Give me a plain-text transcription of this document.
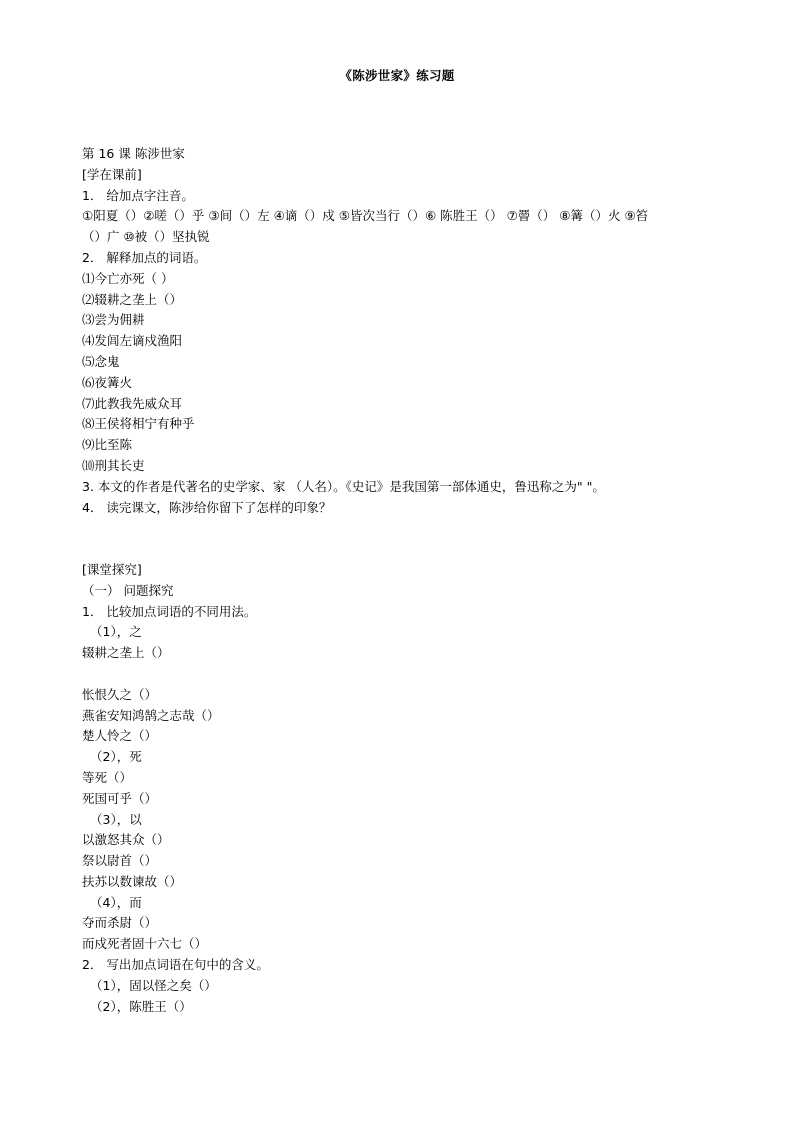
《陈涉世家》练习题
第 16 课 陈涉世家
[学在课前]
1． 给加点字注音。
①阳夏（）②嗟（）乎 ③间（）左 ④谪（）戍 ⑤皆次当行（）⑥ 陈胜王（） ⑦罾（） ⑧篝（）火 ⑨笞
（）广 ⑩被（）坚执锐
2． 解释加点的词语。
⑴今亡亦死（ ）
⑵辍耕之垄上（）
⑶尝为佣耕
⑷发闾左谪戍渔阳
⑸念鬼
⑹夜篝火
⑺此教我先威众耳
⑻王侯将相宁有种乎
⑼比至陈
⑽刑其长吏
3. 本文的作者是代著名的史学家、家 （人名）。《史记》是我国第一部体通史，鲁迅称之为" "。
4． 读完课文，陈涉给你留下了怎样的印象？
[课堂探究]
（一） 问题探究
1． 比较加点词语的不同用法。
（1），之
辍耕之垄上（）
怅恨久之（）
燕雀安知鸿鹄之志哉（）
楚人怜之（）
（2），死
等死（）
死国可乎（）
（3），以
以激怒其众（）
祭以尉首（）
扶苏以数谏故（）
（4），而
夺而杀尉（）
而戍死者固十六七（）
2． 写出加点词语在句中的含义。
（1），固以怪之矣（）
（2），陈胜王（）
